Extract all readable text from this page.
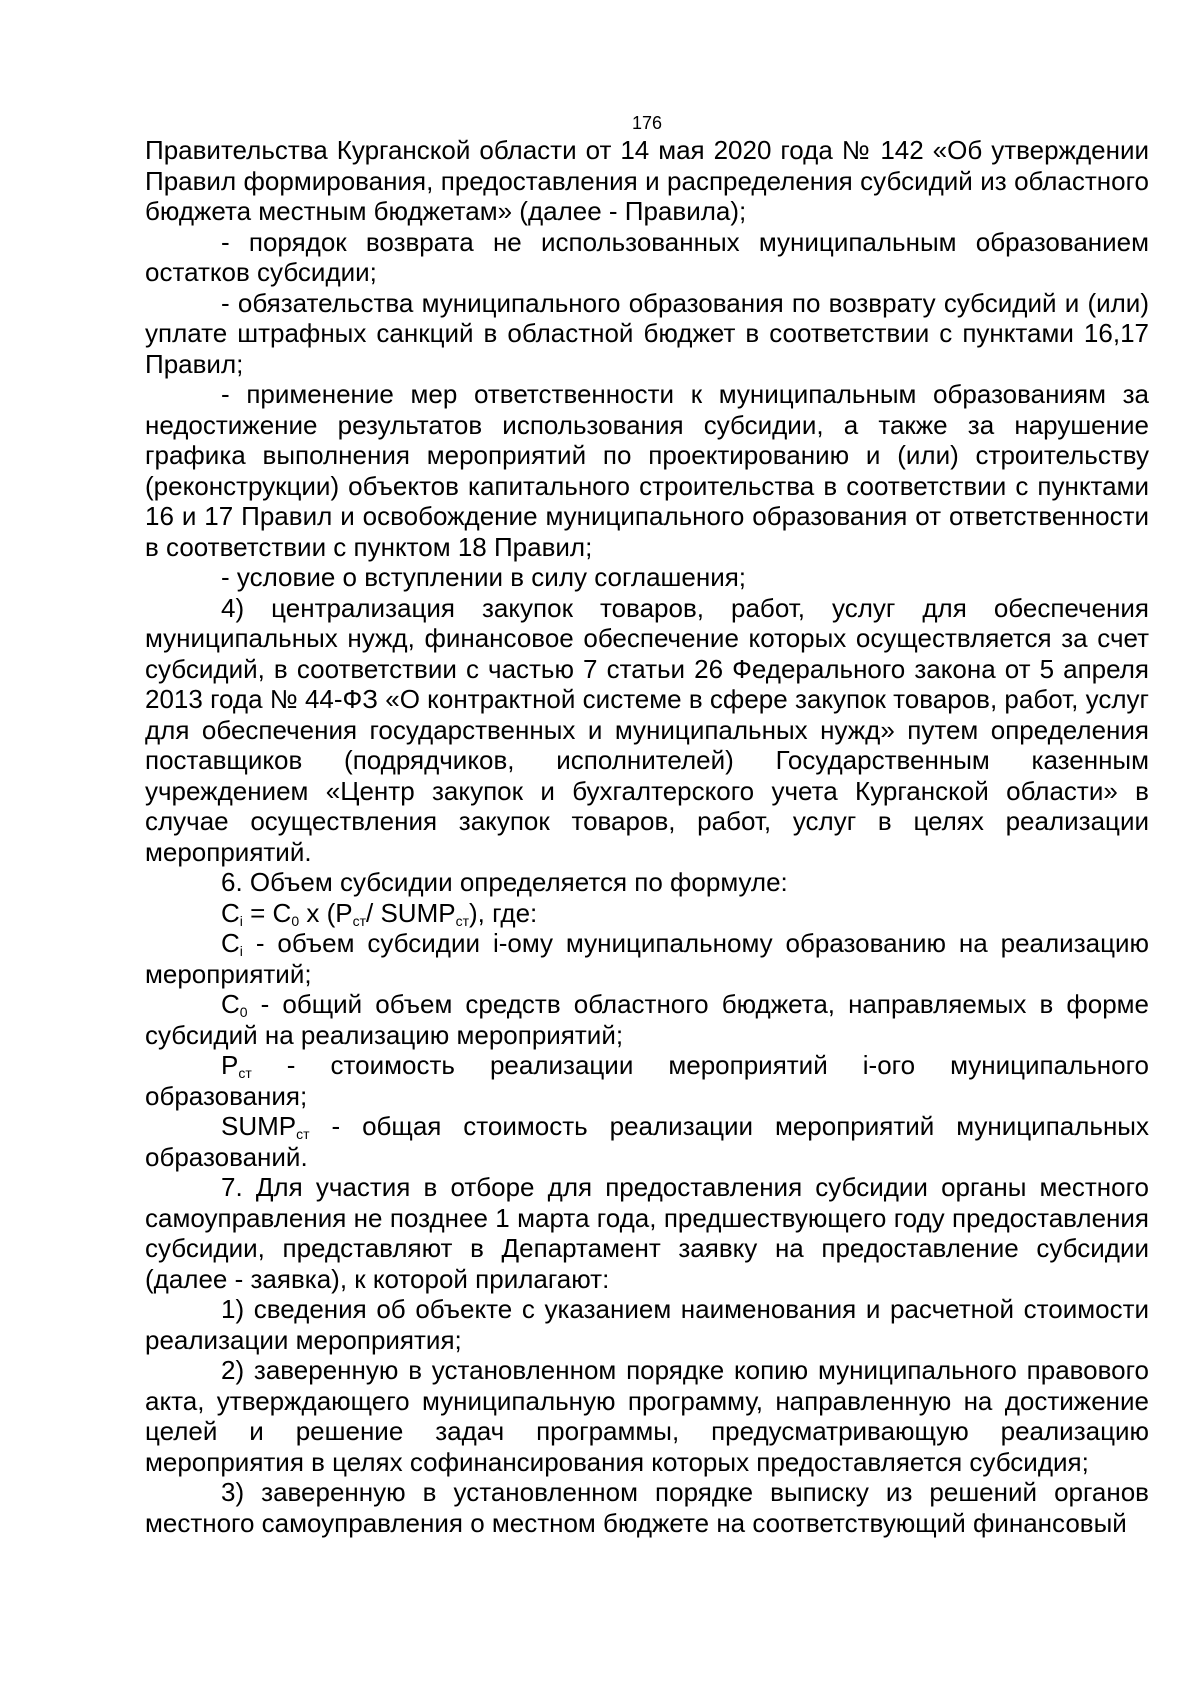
176

Правительства Курганской области от 14 мая 2020 года № 142 «Об утверждении Правил формирования, предоставления и распределения субсидий из областного бюджета местным бюджетам» (далее - Правила);

- порядок возврата не использованных муниципальным образованием остатков субсидии;

- обязательства муниципального образования по возврату субсидий и (или) уплате штрафных санкций в областной бюджет в соответствии с пунктами 16,17 Правил;

- применение мер ответственности к муниципальным образованиям за недостижение результатов использования субсидии, а также за нарушение графика выполнения мероприятий по проектированию и (или) строительству (реконструкции) объектов капитального строительства в соответствии с пунктами 16 и 17 Правил и освобождение муниципального образования от ответственности в соответствии с пунктом 18 Правил;

- условие о вступлении в силу соглашения;

4) централизация закупок товаров, работ, услуг для обеспечения муниципальных нужд, финансовое обеспечение которых осуществляется за счет субсидий, в соответствии с частью 7 статьи 26 Федерального закона от 5 апреля 2013 года № 44-ФЗ «О контрактной системе в сфере закупок товаров, работ, услуг для обеспечения государственных и муниципальных нужд» путем определения поставщиков (подрядчиков, исполнителей) Государственным казенным учреждением «Центр закупок и бухгалтерского учета Курганской области» в случае осуществления закупок товаров, работ, услуг в целях реализации мероприятий.

6. Объем субсидии определяется по формуле:

$C_i = C_0$ x ($P_{ст}/$ $SUMP_{ст}$), где:

$C_i$ - объем субсидии i-ому муниципальному образованию на реализацию мероприятий;

$C_0$ - общий объем средств областного бюджета, направляемых в форме субсидий на реализацию мероприятий;

$P_{ст}$ - стоимость реализации мероприятий i-ого муниципального образования;

$SUMP_{ст}$ - общая стоимость реализации мероприятий муниципальных образований.

7. Для участия в отборе для предоставления субсидии органы местного самоуправления не позднее 1 марта года, предшествующего году предоставления субсидии, представляют в Департамент заявку на предоставление субсидии (далее - заявка), к которой прилагают:

1) сведения об объекте с указанием наименования и расчетной стоимости реализации мероприятия;

2) заверенную в установленном порядке копию муниципального правового акта, утверждающего муниципальную программу, направленную на достижение целей и решение задач программы, предусматривающую реализацию мероприятия в целях софинансирования которых предоставляется субсидия;

3) заверенную в установленном порядке выписку из решений органов местного самоуправления о местном бюджете на соответствующий финансовый
